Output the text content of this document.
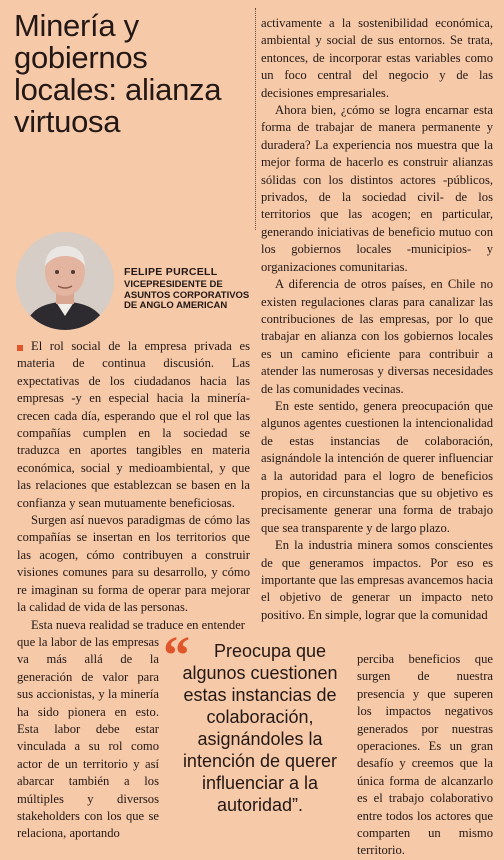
Minería y
gobiernos
locales: alianza
virtuosa
FELIPE PURCELL
VICEPRESIDENTE DE ASUNTOS CORPORATIVOS DE ANGLO AMERICAN

El rol social de la empresa privada es materia de continua discusión. Las expectativas de los ciudadanos hacia las empresas -y en especial hacia la minería- crecen cada día, esperando que el rol que las compañías cumplen en la sociedad se traduzca en aportes tangibles en materia económica, social y medioambiental, y que las relaciones que establezcan se basen en la confianza y sean mutuamente beneficiosas.

Surgen así nuevos paradigmas de cómo las compañías se insertan en los territorios que las acogen, cómo contribuyen a construir visiones comunes para su desarrollo, y cómo re imaginan su forma de operar para mejorar la calidad de vida de las personas.

Esta nueva realidad se traduce en entender

que la labor de las empresas va más allá de la generación de valor para sus accionistas, y la minería ha sido pionera en esto. Esta labor debe estar vinculada a su rol como actor de un territorio y así abarcar también a los múltiples y diversos stakeholders con los que se relaciona, aportando

activamente a la sostenibilidad económica, ambiental y social de sus entornos. Se trata, entonces, de incorporar estas variables como un foco central del negocio y de las decisiones empresariales.

Ahora bien, ¿cómo se logra encarnar esta forma de trabajar de manera permanente y duradera? La experiencia nos muestra que la mejor forma de hacerlo es construir alianzas sólidas con los distintos actores -públicos, privados, de la sociedad civil- de los territorios que las acogen; en particular, generando iniciativas de beneficio mutuo con los gobiernos locales -municipios- y organizaciones comunitarias.

A diferencia de otros países, en Chile no existen regulaciones claras para canalizar las contribuciones de las empresas, por lo que trabajar en alianza con los gobiernos locales es un camino eficiente para contribuir a atender las numerosas y diversas necesidades de las comunidades vecinas.

En este sentido, genera preocupación que algunos agentes cuestionen la intencionalidad de estas instancias de colaboración, asignándole la intención de querer influenciar a la autoridad para el logro de beneficios propios, en circunstancias que su objetivo es precisamente generar una forma de trabajo que sea transparente y de largo plazo.

En la industria minera somos conscientes de que generamos impactos. Por eso es importante que las empresas avancemos hacia el objetivo de generar un impacto neto positivo. En simple, lograr que la comunidad

“	Preocupa que algunos cuestionen estas instancias de colaboración, asignándoles la intención de querer influenciar a la autoridad”.

perciba beneficios que surgen de nuestra presencia y que superen los impactos negativos generados por nuestras operaciones. Es un gran desafío y creemos que la única forma de alcanzarlo es el trabajo colaborativo entre todos los actores que comparten un mismo territorio.
